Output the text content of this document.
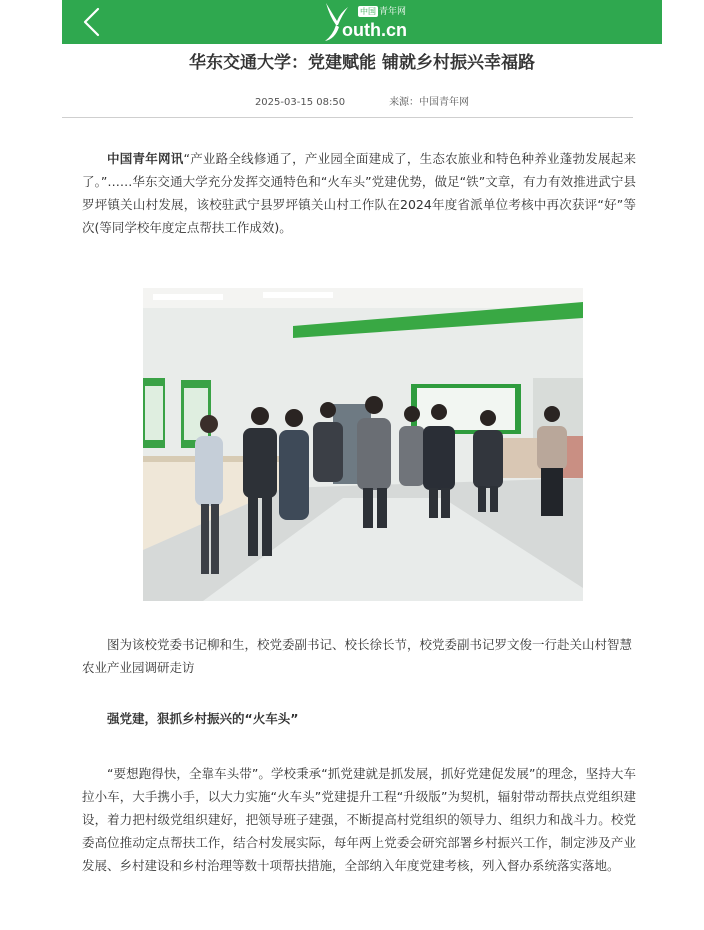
中国 青年网
outh.cn
华东交通大学：党建赋能 铺就乡村振兴幸福路
2025-03-15 08:50	来源：中国青年网

中国青年网讯“产业路全线修通了，产业园全面建成了，生态农旅业和特色种养业蓬勃发展起来了。”……华东交通大学充分发挥交通特色和“火车头”党建优势，做足“铁”文章，有力有效推进武宁县罗坪镇关山村发展，该校驻武宁县罗坪镇关山村工作队在2024年度省派单位考核中再次获评“好”等次(等同学校年度定点帮扶工作成效)。

图为该校党委书记柳和生，校党委副书记、校长徐长节，校党委副书记罗文俊一行赴关山村智慧农业产业园调研走访

强党建，狠抓乡村振兴的“火车头”

“要想跑得快，全靠车头带”。学校秉承“抓党建就是抓发展，抓好党建促发展”的理念，坚持大车拉小车，大手携小手，以大力实施“火车头”党建提升工程“升级版”为契机，辐射带动帮扶点党组织建设，着力把村级党组织建好，把领导班子建强，不断提高村党组织的领导力、组织力和战斗力。校党委高位推动定点帮扶工作，结合村发展实际，每年两上党委会研究部署乡村振兴工作，制定涉及产业发展、乡村建设和乡村治理等数十项帮扶措施，全部纳入年度党建考核，列入督办系统落实落地。
